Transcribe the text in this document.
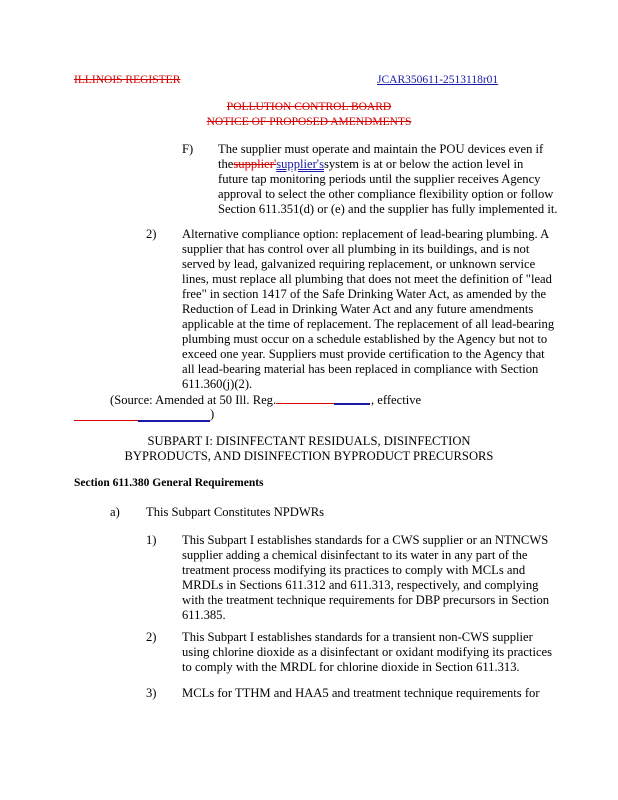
ILLINOIS REGISTER	JCAR350611-2513118r01
POLLUTION CONTROL BOARD
NOTICE OF PROPOSED AMENDMENTS
F) The supplier must operate and maintain the POU devices even if
thesupplier'supplier'ssystem is at or below the action level in
future tap monitoring periods until the supplier receives Agency
approval to select the other compliance flexibility option or follow
Section 611.351(d) or (e) and the supplier has fully implemented it.
2) Alternative compliance option: replacement of lead-bearing plumbing. A
supplier that has control over all plumbing in its buildings, and is not
served by lead, galvanized requiring replacement, or unknown service
lines, must replace all plumbing that does not meet the definition of "lead
free" in section 1417 of the Safe Drinking Water Act, as amended by the
Reduction of Lead in Drinking Water Act and any future amendments
applicable at the time of replacement. The replacement of all lead-bearing
plumbing must occur on a schedule established by the Agency but not to
exceed one year. Suppliers must provide certification to the Agency that
all lead-bearing material has been replaced in compliance with Section
611.360(j)(2).
(Source: Amended at 50 Ill. Reg.	, effective
)
SUBPART I: DISINFECTANT RESIDUALS, DISINFECTION
BYPRODUCTS, AND DISINFECTION BYPRODUCT PRECURSORS
Section 611.380 General Requirements
a) This Subpart Constitutes NPDWRs
1) This Subpart I establishes standards for a CWS supplier or an NTNCWS
supplier adding a chemical disinfectant to its water in any part of the
treatment process modifying its practices to comply with MCLs and
MRDLs in Sections 611.312 and 611.313, respectively, and complying
with the treatment technique requirements for DBP precursors in Section
611.385.
2) This Subpart I establishes standards for a transient non-CWS supplier
using chlorine dioxide as a disinfectant or oxidant modifying its practices
to comply with the MRDL for chlorine dioxide in Section 611.313.
3) MCLs for TTHM and HAA5 and treatment technique requirements for
